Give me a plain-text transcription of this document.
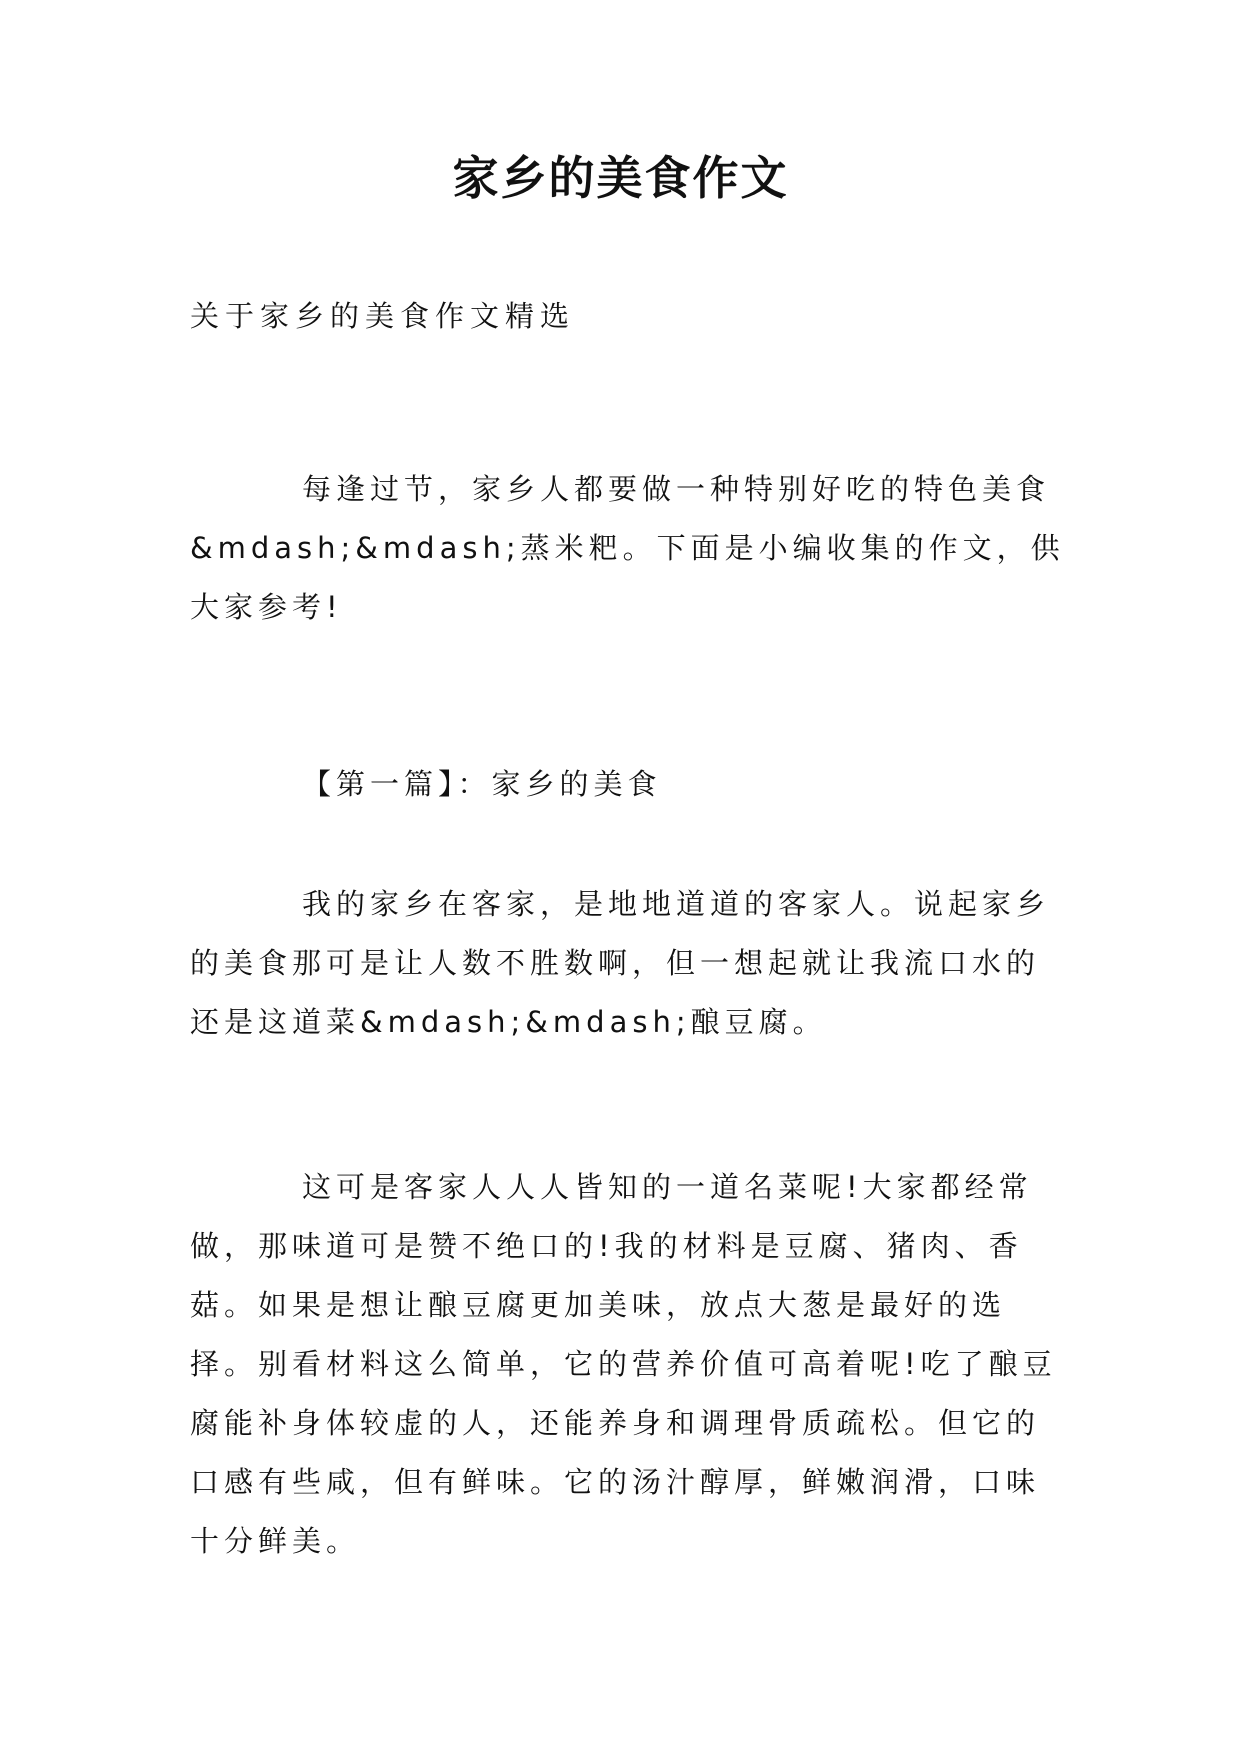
家乡的美食作文

关于家乡的美食作文精选

每逢过节，家乡人都要做一种特别好吃的特色美食&mdash;&mdash;蒸米粑。下面是小编收集的作文，供大家参考!

【第一篇】：家乡的美食

我的家乡在客家，是地地道道的客家人。说起家乡的美食那可是让人数不胜数啊，但一想起就让我流口水的还是这道菜&mdash;&mdash;酿豆腐。

这可是客家人人人皆知的一道名菜呢!大家都经常做，那味道可是赞不绝口的!我的材料是豆腐、猪肉、香菇。如果是想让酿豆腐更加美味，放点大葱是最好的选择。别看材料这么简单，它的营养价值可高着呢!吃了酿豆腐能补身体较虚的人，还能养身和调理骨质疏松。但它的口感有些咸，但有鲜味。它的汤汁醇厚，鲜嫩润滑，口味十分鲜美。
